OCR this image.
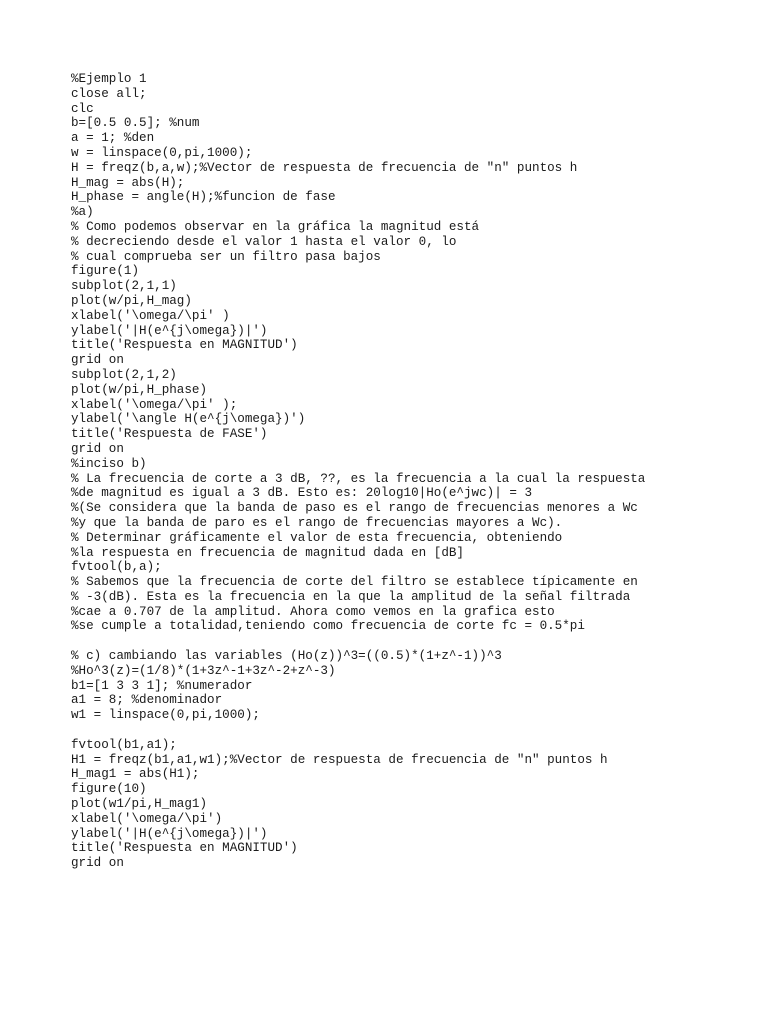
%Ejemplo 1
close all;
clc
b=[0.5 0.5]; %num
a = 1; %den
w = linspace(0,pi,1000);
H = freqz(b,a,w);%Vector de respuesta de frecuencia de "n" puntos h
H_mag = abs(H);
H_phase = angle(H);%funcion de fase
%a)
% Como podemos observar en la gráfica la magnitud está
% decreciendo desde el valor 1 hasta el valor 0, lo
% cual comprueba ser un filtro pasa bajos
figure(1)
subplot(2,1,1)
plot(w/pi,H_mag)
xlabel('\omega/\pi' )
ylabel('|H(e^{j\omega})|')
title('Respuesta en MAGNITUD')
grid on
subplot(2,1,2)
plot(w/pi,H_phase)
xlabel('\omega/\pi' );
ylabel('\angle H(e^{j\omega})')
title('Respuesta de FASE')
grid on
%inciso b)
% La frecuencia de corte a 3 dB, ??, es la frecuencia a la cual la respuesta
%de magnitud es igual a 3 dB. Esto es: 20log10|Ho(e^jwc)| = 3
%(Se considera que la banda de paso es el rango de frecuencias menores a Wc
%y que la banda de paro es el rango de frecuencias mayores a Wc).
% Determinar gráficamente el valor de esta frecuencia, obteniendo
%la respuesta en frecuencia de magnitud dada en [dB]
fvtool(b,a);
% Sabemos que la frecuencia de corte del filtro se establece típicamente en
% -3(dB). Esta es la frecuencia en la que la amplitud de la señal filtrada
%cae a 0.707 de la amplitud. Ahora como vemos en la grafica esto
%se cumple a totalidad,teniendo como frecuencia de corte fc = 0.5*pi
% c) cambiando las variables (Ho(z))^3=((0.5)*(1+z^-1))^3
%Ho^3(z)=(1/8)*(1+3z^-1+3z^-2+z^-3)
b1=[1 3 3 1]; %numerador
a1 = 8; %denominador
w1 = linspace(0,pi,1000);
fvtool(b1,a1);
H1 = freqz(b1,a1,w1);%Vector de respuesta de frecuencia de "n" puntos h
H_mag1 = abs(H1);
figure(10)
plot(w1/pi,H_mag1)
xlabel('\omega/\pi')
ylabel('|H(e^{j\omega})|')
title('Respuesta en MAGNITUD')
grid on
